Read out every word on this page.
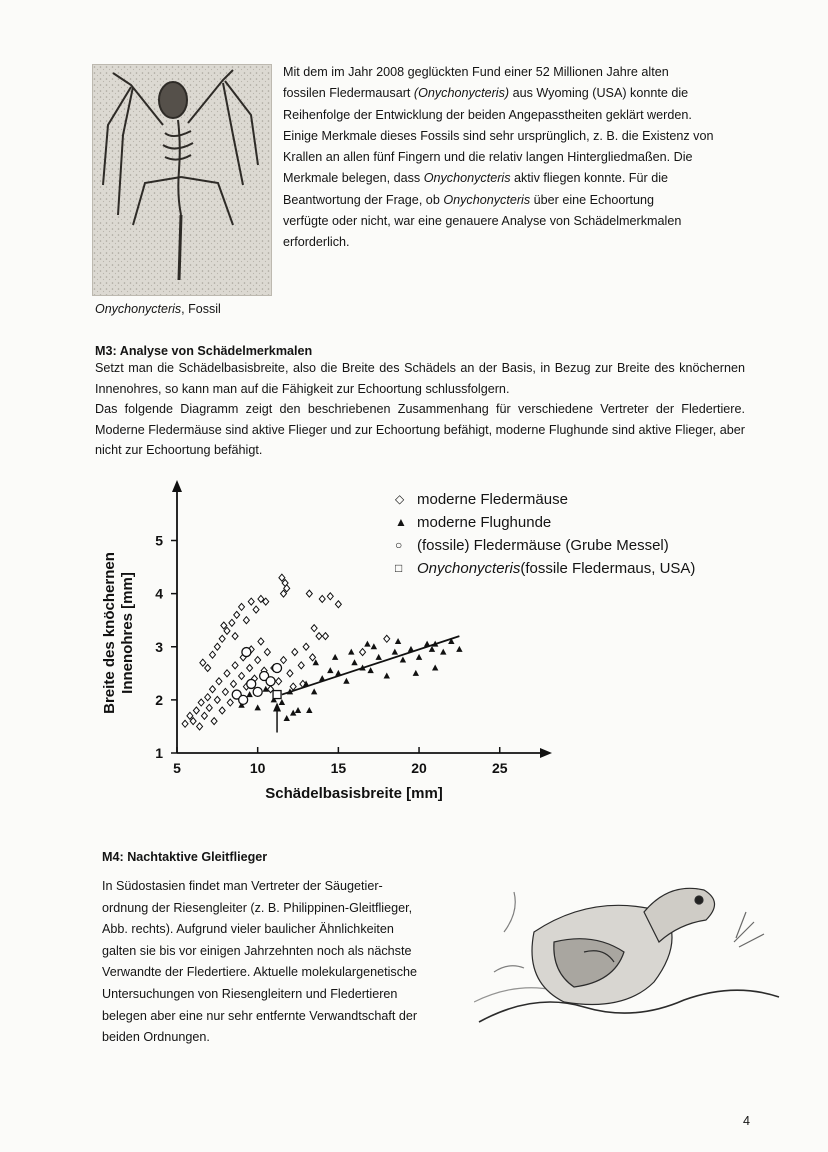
Onychonycteris, Fossil

Mit dem im Jahr 2008 geglückten Fund einer 52 Millionen Jahre alten
fossilen Fledermausart (Onychonycteris) aus Wyoming (USA) konnte die
Reihenfolge der Entwicklung der beiden Angepasstheiten geklärt werden.
Einige Merkmale dieses Fossils sind sehr ursprünglich, z. B. die Existenz von
Krallen an allen fünf Fingern und die relativ langen Hintergliedmaßen. Die
Merkmale belegen, dass Onychonycteris aktiv fliegen konnte. Für die
Beantwortung der Frage, ob Onychonycteris über eine Echoortung
verfügte oder nicht, war eine genauere Analyse von Schädelmerkmalen
erforderlich.

M3: Analyse von Schädelmerkmalen

Setzt man die Schädelbasisbreite, also die Breite des Schädels an der Basis, in Bezug zur Breite des knöchernen Innenohres, so kann man auf die Fähigkeit zur Echoortung schlussfolgern.

Das folgende Diagramm zeigt den beschriebenen Zusammenhang für verschiedene Vertreter der Fledertiere. Moderne Fledermäuse sind aktive Flieger und zur Echoortung befähigt, moderne Flughunde sind aktive Flieger, aber nicht zur Echoortung befähigt.

5	10	15	20	25
1
2
3
4
5
Schädelbasisbreite [mm]
Breite des knöchernen Innenohres [mm]
◇ moderne Fledermäuse
▲ moderne Flughunde
○ (fossile) Fledermäuse (Grube Messel)
□ Onychonycteris (fossile Fledermaus, USA)

M4: Nachtaktive Gleitflieger

In Südostasien findet man Vertreter der Säugetier-
ordnung der Riesengleiter (z. B. Philippinen-Gleitflieger,
Abb. rechts). Aufgrund vieler baulicher Ähnlichkeiten
galten sie bis vor einigen Jahrzehnten noch als nächste
Verwandte der Fledertiere. Aktuelle molekulargenetische
Untersuchungen von Riesengleitern und Fledertieren
belegen aber eine nur sehr entfernte Verwandtschaft der
beiden Ordnungen.

4
